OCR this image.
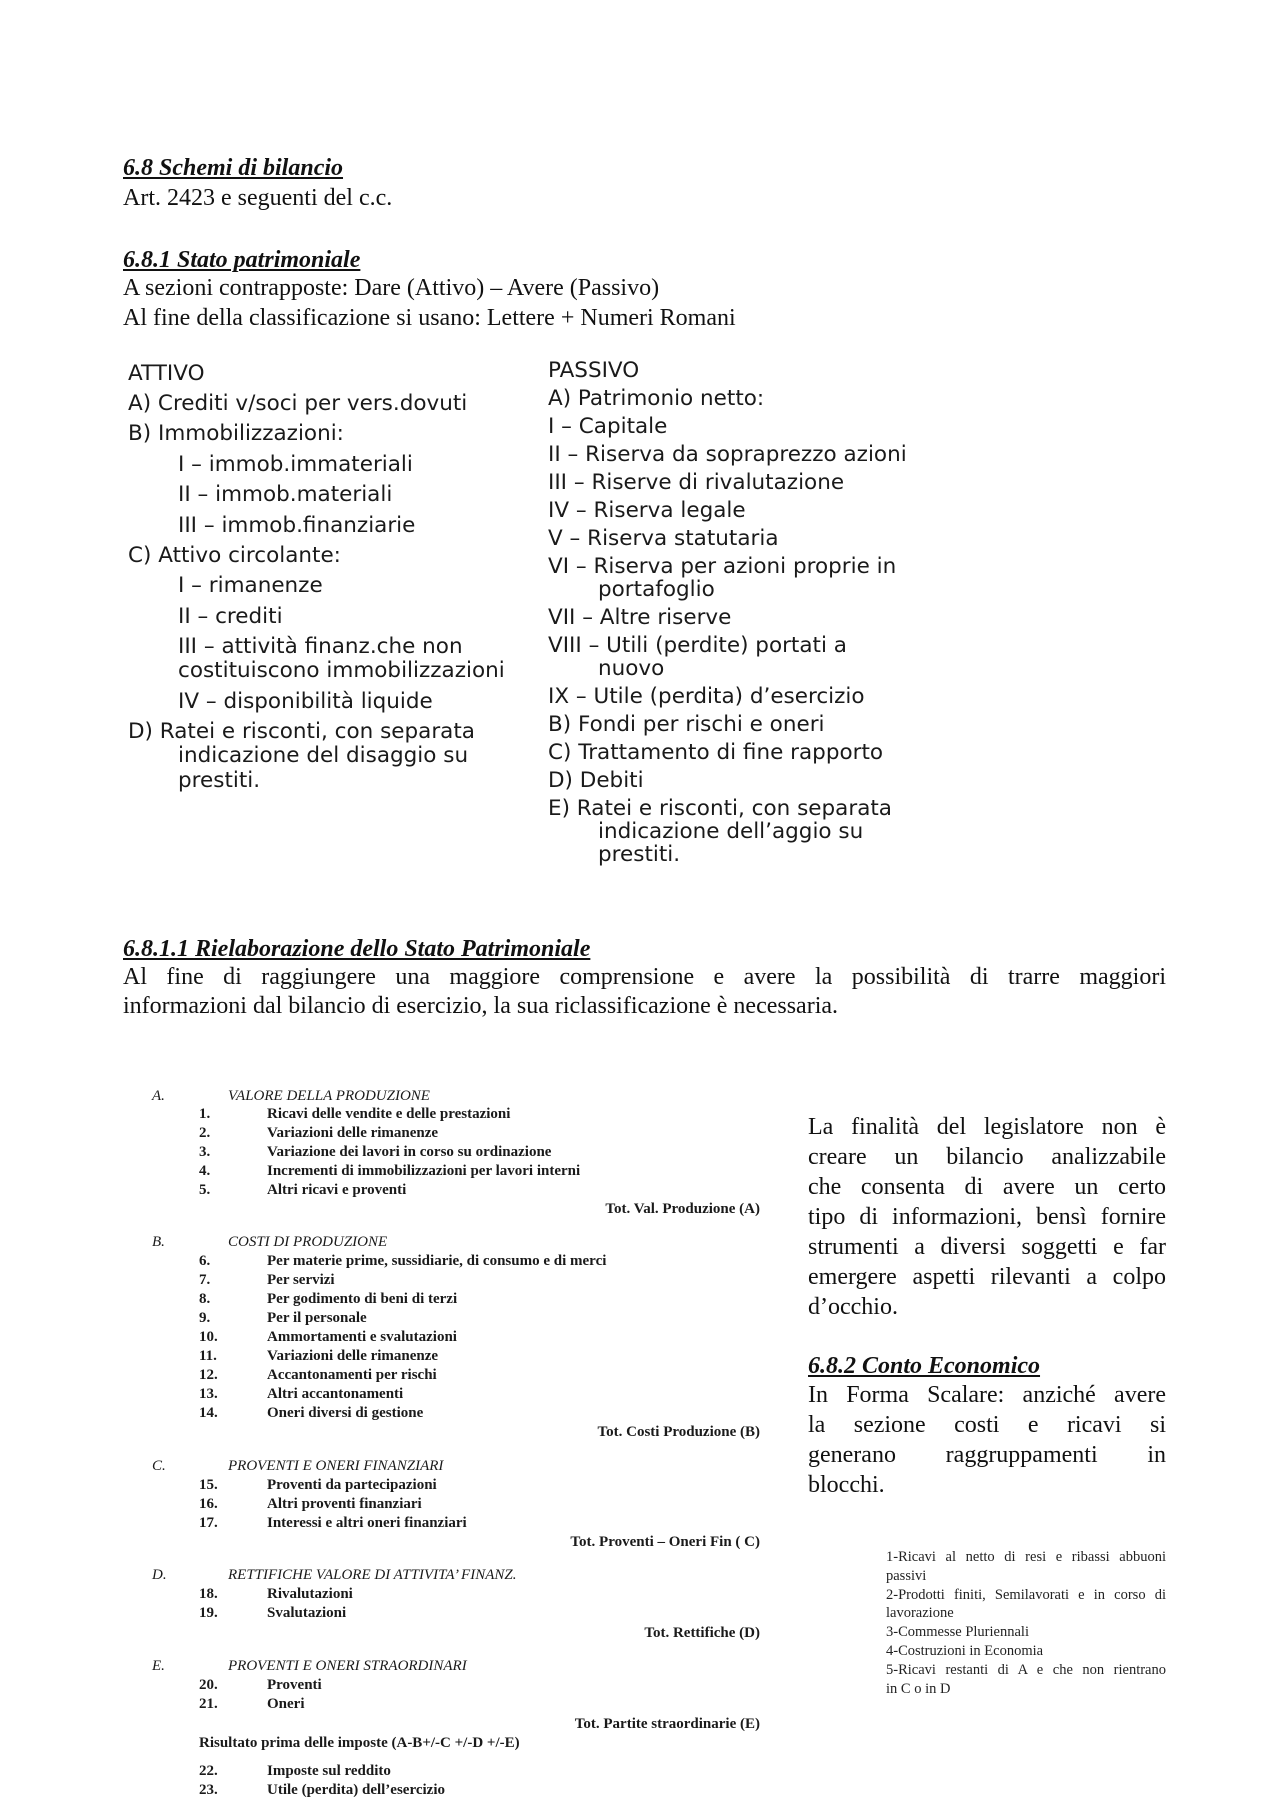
6.8 Schemi di bilancio
Art. 2423 e seguenti del c.c.
6.8.1 Stato patrimoniale
A sezioni contrapposte: Dare (Attivo) – Avere (Passivo)
Al fine della classificazione si usano: Lettere + Numeri Romani
ATTIVO
A) Crediti v/soci per vers.dovuti
B) Immobilizzazioni:
I – immob.immateriali
II – immob.materiali
III – immob.finanziarie
C) Attivo circolante:
I – rimanenze
II – crediti
III – attività finanz.che non
costituiscono immobilizzazioni
IV – disponibilità liquide
D) Ratei e risconti, con separata
indicazione del disaggio su
prestiti.
PASSIVO
A) Patrimonio netto:
I – Capitale
II – Riserva da sopraprezzo azioni
III – Riserve di rivalutazione
IV – Riserva legale
V – Riserva statutaria
VI – Riserva per azioni proprie in
portafoglio
VII – Altre riserve
VIII – Utili (perdite) portati a
nuovo
IX – Utile (perdita) d’esercizio
B) Fondi per rischi e oneri
C) Trattamento di fine rapporto
D) Debiti
E) Ratei e risconti, con separata
indicazione dell’aggio su
prestiti.
6.8.1.1 Rielaborazione dello Stato Patrimoniale
Al fine di raggiungere una maggiore comprensione e avere la possibilità di trarre maggiori
informazioni dal bilancio di esercizio, la sua riclassificazione è necessaria.
A.	VALORE DELLA PRODUZIONE
1.	Ricavi delle vendite e delle prestazioni
2.	Variazioni delle rimanenze
3.	Variazione dei lavori in corso su ordinazione
4.	Incrementi di immobilizzazioni per lavori interni
5.	Altri ricavi e proventi
Tot. Val. Produzione (A)
B.	COSTI DI PRODUZIONE
6.	Per materie prime, sussidiarie, di consumo e di merci
7.	Per servizi
8.	Per godimento di beni di terzi
9.	Per il personale
10.	Ammortamenti e svalutazioni
11.	Variazioni delle rimanenze
12.	Accantonamenti per rischi
13.	Altri accantonamenti
14.	Oneri diversi di gestione
Tot. Costi Produzione (B)
C.	PROVENTI E ONERI FINANZIARI
15.	Proventi da partecipazioni
16.	Altri proventi finanziari
17.	Interessi e altri oneri finanziari
Tot. Proventi – Oneri Fin ( C)
D.	RETTIFICHE VALORE DI ATTIVITA’ FINANZ.
18.	Rivalutazioni
19.	Svalutazioni
Tot. Rettifiche (D)
E.	PROVENTI E ONERI STRAORDINARI
20.	Proventi
21.	Oneri
Tot. Partite straordinarie (E)
Risultato prima delle imposte (A-B+/-C +/-D +/-E)
22.	Imposte sul reddito
23.	Utile (perdita) dell’esercizio
La finalità del legislatore non è
creare un bilancio analizzabile
che consenta di avere un certo
tipo di informazioni, bensì fornire
strumenti a diversi soggetti e far
emergere aspetti rilevanti a colpo
d’occhio.
6.8.2 Conto Economico
In Forma Scalare: anziché avere
la sezione costi e ricavi si
generano raggruppamenti in
blocchi.
1-Ricavi al netto di resi e ribassi abbuoni
passivi
2-Prodotti finiti, Semilavorati e in corso di
lavorazione
3-Commesse Pluriennali
4-Costruzioni in Economia
5-Ricavi restanti di A e che non rientrano
in C o in D
